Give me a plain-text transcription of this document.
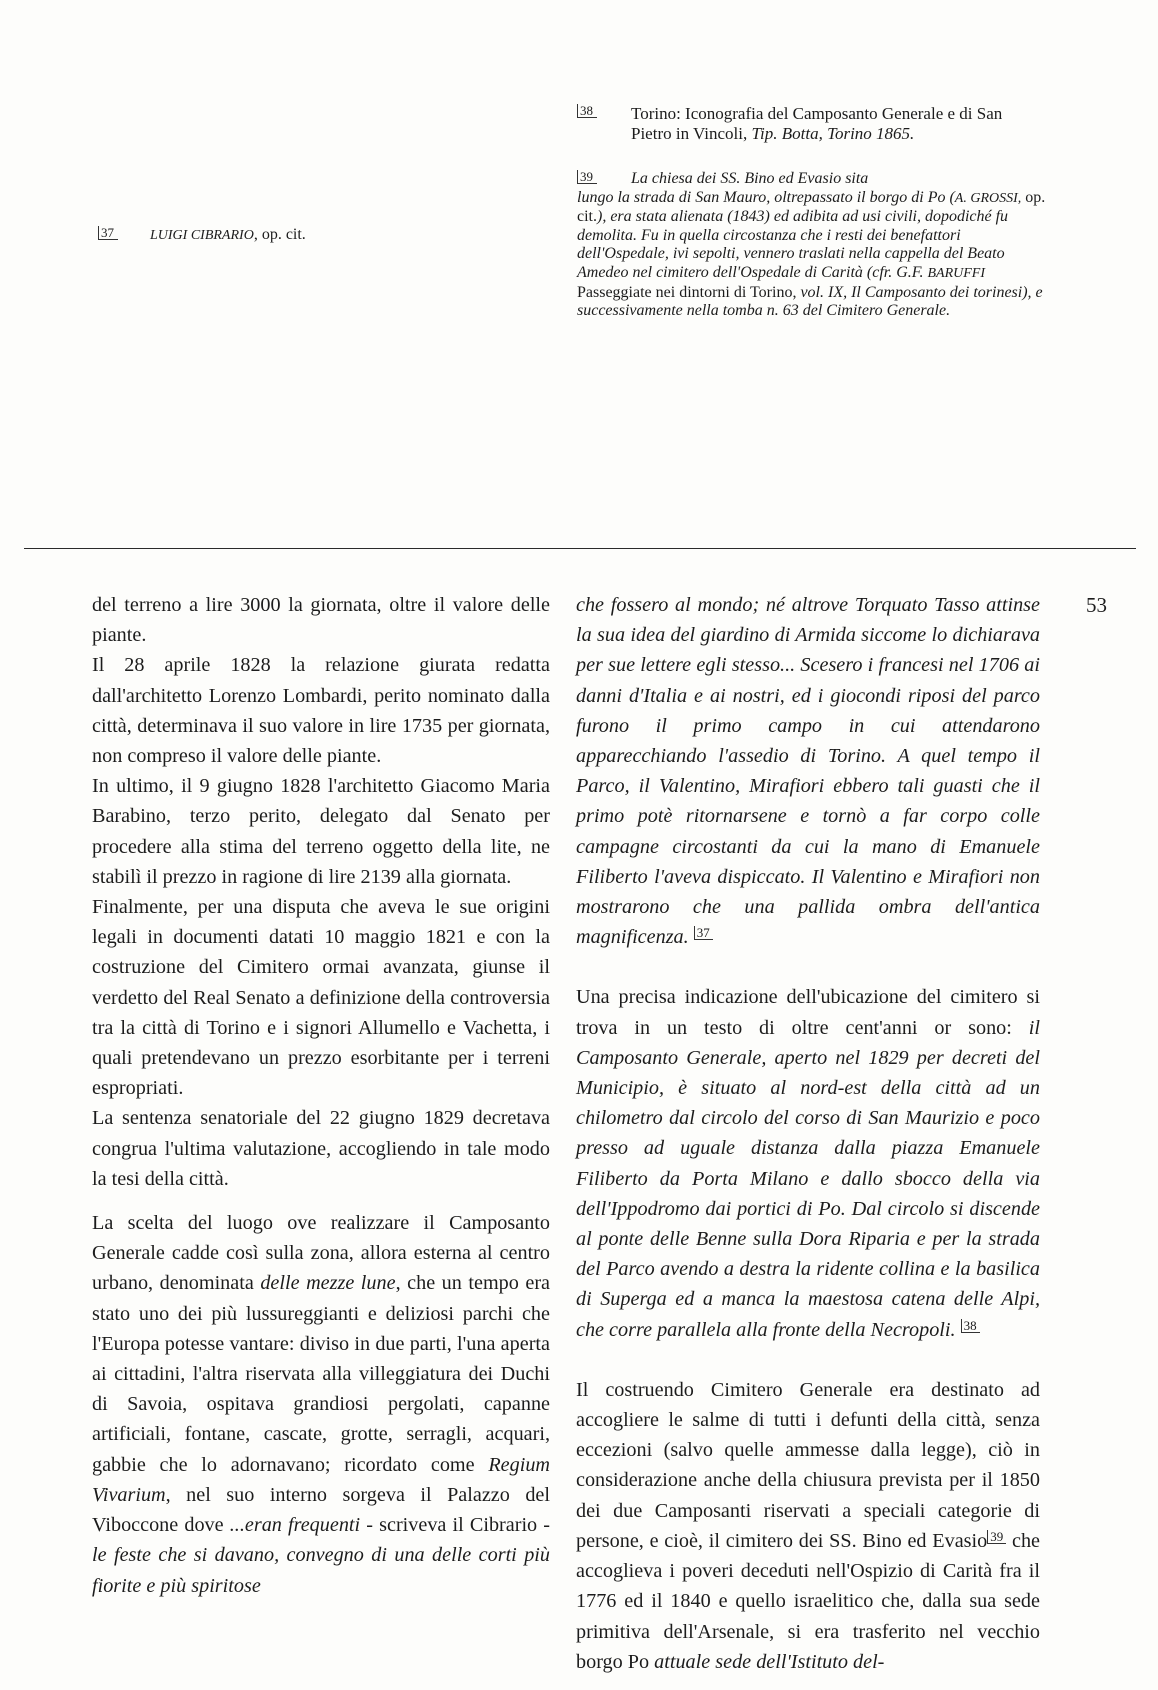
37	LUIGI CIBRARIO, op. cit.
38	Torino: Iconografia del Camposanto Generale e di San Pietro in Vincoli, Tip. Botta, Torino 1865.
39	La chiesa dei SS. Bino ed Evasio sita
lungo la strada di San Mauro, oltrepassato il borgo di Po (A. GROSSI, op. cit.), era stata alienata (1843) ed adibita ad usi civili, dopodiché fu demolita. Fu in quella circostanza che i resti dei benefattori dell'Ospedale, ivi sepolti, vennero traslati nella cappella del Beato Amedeo nel cimitero dell'Ospedale di Carità (cfr. G.F. BARUFFI Passeggiate nei dintorni di Torino, vol. IX, Il Camposanto dei torinesi), e successivamente nella tomba n. 63 del Cimitero Generale.

del terreno a lire 3000 la giornata, oltre il valore delle piante.

Il 28 aprile 1828 la relazione giurata redatta dall'architetto Lorenzo Lombardi, perito nominato dalla città, determinava il suo valore in lire 1735 per giornata, non compreso il valore delle piante.

In ultimo, il 9 giugno 1828 l'architetto Giacomo Maria Barabino, terzo perito, delegato dal Senato per procedere alla stima del terreno oggetto della lite, ne stabilì il prezzo in ragione di lire 2139 alla giornata.

Finalmente, per una disputa che aveva le sue origini legali in documenti datati 10 maggio 1821 e con la costruzione del Cimitero ormai avanzata, giunse il verdetto del Real Senato a definizione della controversia tra la città di Torino e i signori Allumello e Vachetta, i quali pretendevano un prezzo esorbitante per i terreni espropriati.

La sentenza senatoriale del 22 giugno 1829 decretava congrua l'ultima valutazione, accogliendo in tale modo la tesi della città.

La scelta del luogo ove realizzare il Camposanto Generale cadde così sulla zona, allora esterna al centro urbano, denominata delle mezze lune, che un tempo era stato uno dei più lussureggianti e deliziosi parchi che l'Europa potesse vantare: diviso in due parti, l'una aperta ai cittadini, l'altra riservata alla villeggiatura dei Duchi di Savoia, ospitava grandiosi pergolati, capanne artificiali, fontane, cascate, grotte, serragli, acquari, gabbie che lo adornavano; ricordato come Regium Vivarium, nel suo interno sorgeva il Palazzo del Viboccone dove ...eran frequenti - scriveva il Cibrario - le feste che si davano, convegno di una delle corti più fiorite e più spiritose

che fossero al mondo; né altrove Torquato Tasso attinse la sua idea del giardino di Armida siccome lo dichiarava per sue lettere egli stesso... Scesero i francesi nel 1706 ai danni d'Italia e ai nostri, ed i giocondi riposi del parco furono il primo campo in cui attendarono apparecchiando l'assedio di Torino. A quel tempo il Parco, il Valentino, Mirafiori ebbero tali guasti che il primo potè ritornarsene e tornò a far corpo colle campagne circostanti da cui la mano di Emanuele Filiberto l'aveva dispiccato. Il Valentino e Mirafiori non mostrarono che una pallida ombra dell'antica magnificenza. 37

Una precisa indicazione dell'ubicazione del cimitero si trova in un testo di oltre cent'anni or sono: il Camposanto Generale, aperto nel 1829 per decreti del Municipio, è situato al nord-est della città ad un chilometro dal circolo del corso di San Maurizio e poco presso ad uguale distanza dalla piazza Emanuele Filiberto da Porta Milano e dallo sbocco della via dell'Ippodromo dai portici di Po. Dal circolo si discende al ponte delle Benne sulla Dora Riparia e per la strada del Parco avendo a destra la ridente collina e la basilica di Superga ed a manca la maestosa catena delle Alpi, che corre parallela alla fronte della Necropoli. 38

Il costruendo Cimitero Generale era destinato ad accogliere le salme di tutti i defunti della città, senza eccezioni (salvo quelle ammesse dalla legge), ciò in considerazione anche della chiusura prevista per il 1850 dei due Camposanti riservati a speciali categorie di persone, e cioè, il cimitero dei SS. Bino ed Evasio 39 che accoglieva i poveri deceduti nell'Ospizio di Carità fra il 1776 ed il 1840 e quello israelitico che, dalla sua sede primitiva dell'Arsenale, si era trasferito nel vecchio borgo Po attuale sede dell'Istituto del-

53
